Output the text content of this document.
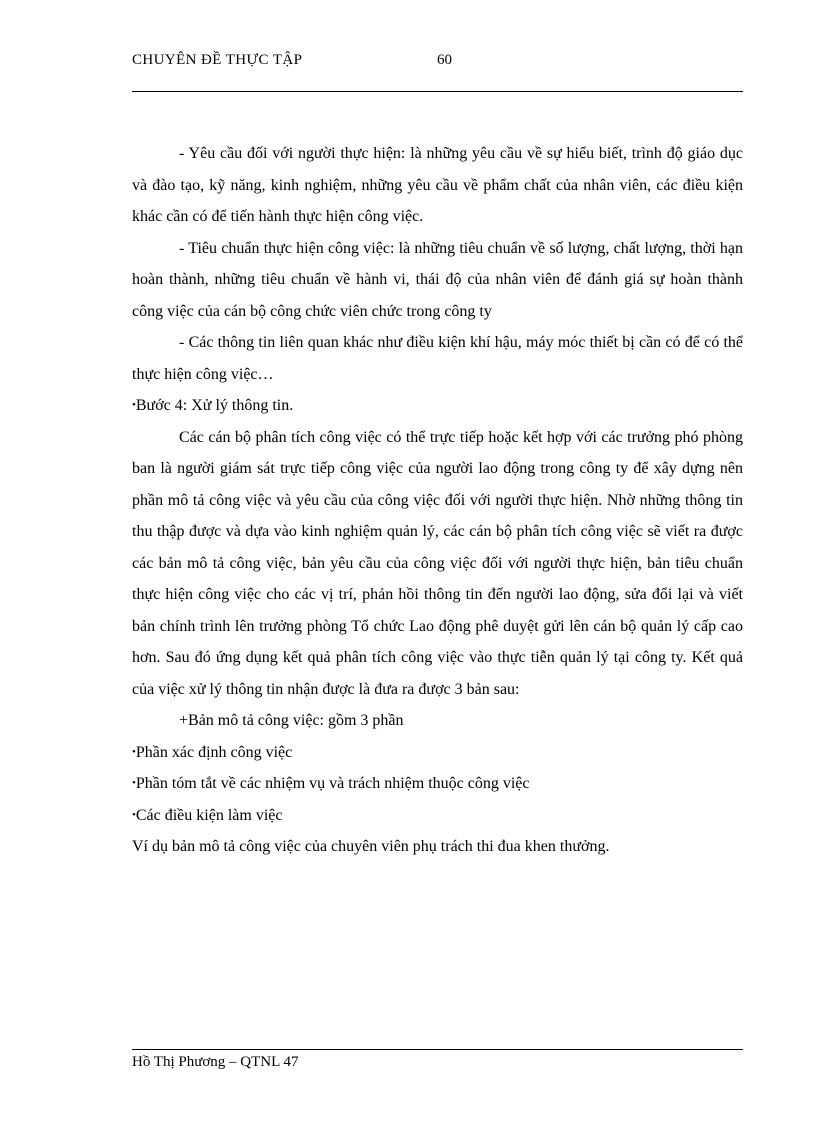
CHUYÊN ĐỀ THỰC TẬP	60

- Yêu cầu đối với người thực hiện: là những yêu cầu về sự hiểu biết, trình độ giáo dục và đào tạo, kỹ năng, kinh nghiệm, những yêu cầu về phẩm chất của nhân viên, các điều kiện khác cần có để tiến hành thực hiện công việc.

- Tiêu chuẩn thực hiện công việc: là những tiêu chuẩn về số lượng, chất lượng, thời hạn hoàn thành, những tiêu chuẩn về hành vi, thái độ của nhân viên để đánh giá sự hoàn thành công việc của cán bộ công chức viên chức trong công ty

- Các thông tin liên quan khác như điều kiện khí hậu, máy móc thiết bị cần có để có thể thực hiện công việc…

•Bước 4: Xử lý thông tin.

Các cán bộ phân tích công việc có thể trực tiếp hoặc kết hợp với các trưởng phó phòng ban là người giám sát trực tiếp công việc của người lao động trong công ty để xây dựng nên phần mô tả công việc và yêu cầu của công việc đối với người thực hiện. Nhờ những thông tin thu thập được và dựa vào kinh nghiệm quản lý, các cán bộ phân tích công việc sẽ viết ra được các bản mô tả công việc, bản yêu cầu của công việc đối với người thực hiện, bản tiêu chuẩn thực hiện công việc cho các vị trí, phản hồi thông tin đến người lao động, sửa đổi lại và viết bản chính trình lên trưởng phòng Tổ chức Lao động phê duyệt gửi lên cán bộ quản lý cấp cao hơn. Sau đó ứng dụng kết quả phân tích công việc vào thực tiễn quản lý tại công ty. Kết quả của việc xử lý thông tin nhận được là đưa ra được 3 bản sau:

+Bản mô tả công việc: gồm 3 phần

•Phần xác định công việc

•Phần tóm tắt về các nhiệm vụ và trách nhiệm thuộc công việc

•Các điều kiện làm việc

Ví dụ bản mô tả công việc của chuyên viên phụ trách thi đua khen thưởng.

Hồ Thị Phương – QTNL 47
